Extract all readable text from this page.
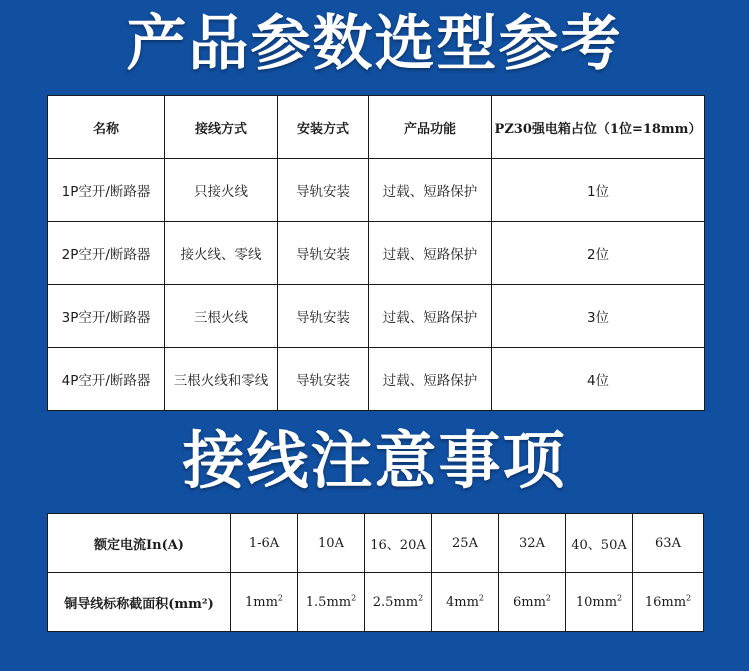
产品参数选型参考
名称	接线方式	安装方式	产品功能	PZ30强电箱占位（1位=18mm）
1P空开/断路器	只接火线	导轨安装	过载、短路保护	1位
2P空开/断路器	接火线、零线	导轨安装	过载、短路保护	2位
3P空开/断路器	三根火线	导轨安装	过载、短路保护	3位
4P空开/断路器	三根火线和零线	导轨安装	过载、短路保护	4位
接线注意事项
额定电流In(A)	1-6A	10A	16、20A	25A	32A	40、50A	63A
铜导线标称截面积(mm²)	$1mm^2$	$1.5mm^2$	$2.5mm^2$	$4mm^2$	$6mm^2$	$10mm^2$	$16mm^2$
